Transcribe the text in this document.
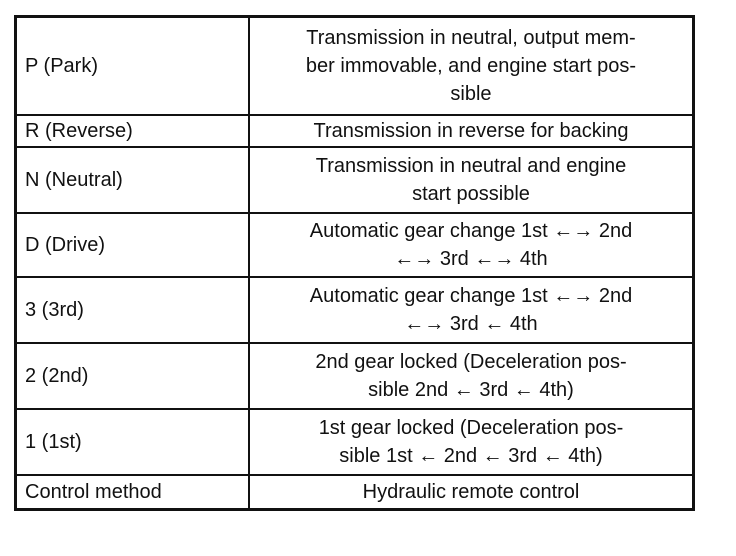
P (Park)	Transmission in neutral, output mem-
ber immovable, and engine start pos-
sible

R (Reverse)	Transmission in reverse for backing

N (Neutral)	Transmission in neutral and engine
start possible

D (Drive)	Automatic gear change 1st ←→ 2nd
←→ 3rd ←→ 4th

3 (3rd)	Automatic gear change 1st ←→ 2nd
←→ 3rd ← 4th

2 (2nd)	2nd gear locked (Deceleration pos-
sible 2nd ← 3rd ← 4th)

1 (1st)	1st gear locked (Deceleration pos-
sible 1st ← 2nd ← 3rd ← 4th)

Control method	Hydraulic remote control
